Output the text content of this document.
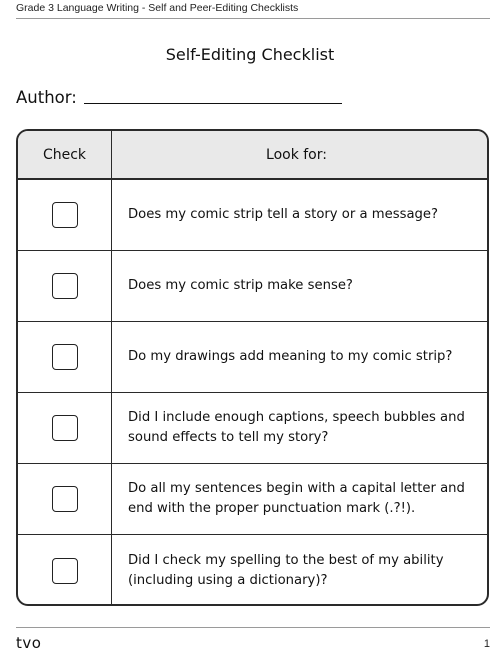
Grade 3 Language Writing - Self and Peer-Editing Checklists
Self-Editing Checklist
Author:
Check	Look for:
Does my comic strip tell a story or a message?
Does my comic strip make sense?
Do my drawings add meaning to my comic strip?
Did I include enough captions, speech bubbles and sound effects to tell my story?
Do all my sentences begin with a capital letter and end with the proper punctuation mark (.?!).
Did I check my spelling to the best of my ability (including using a dictionary)?
tvo	1
